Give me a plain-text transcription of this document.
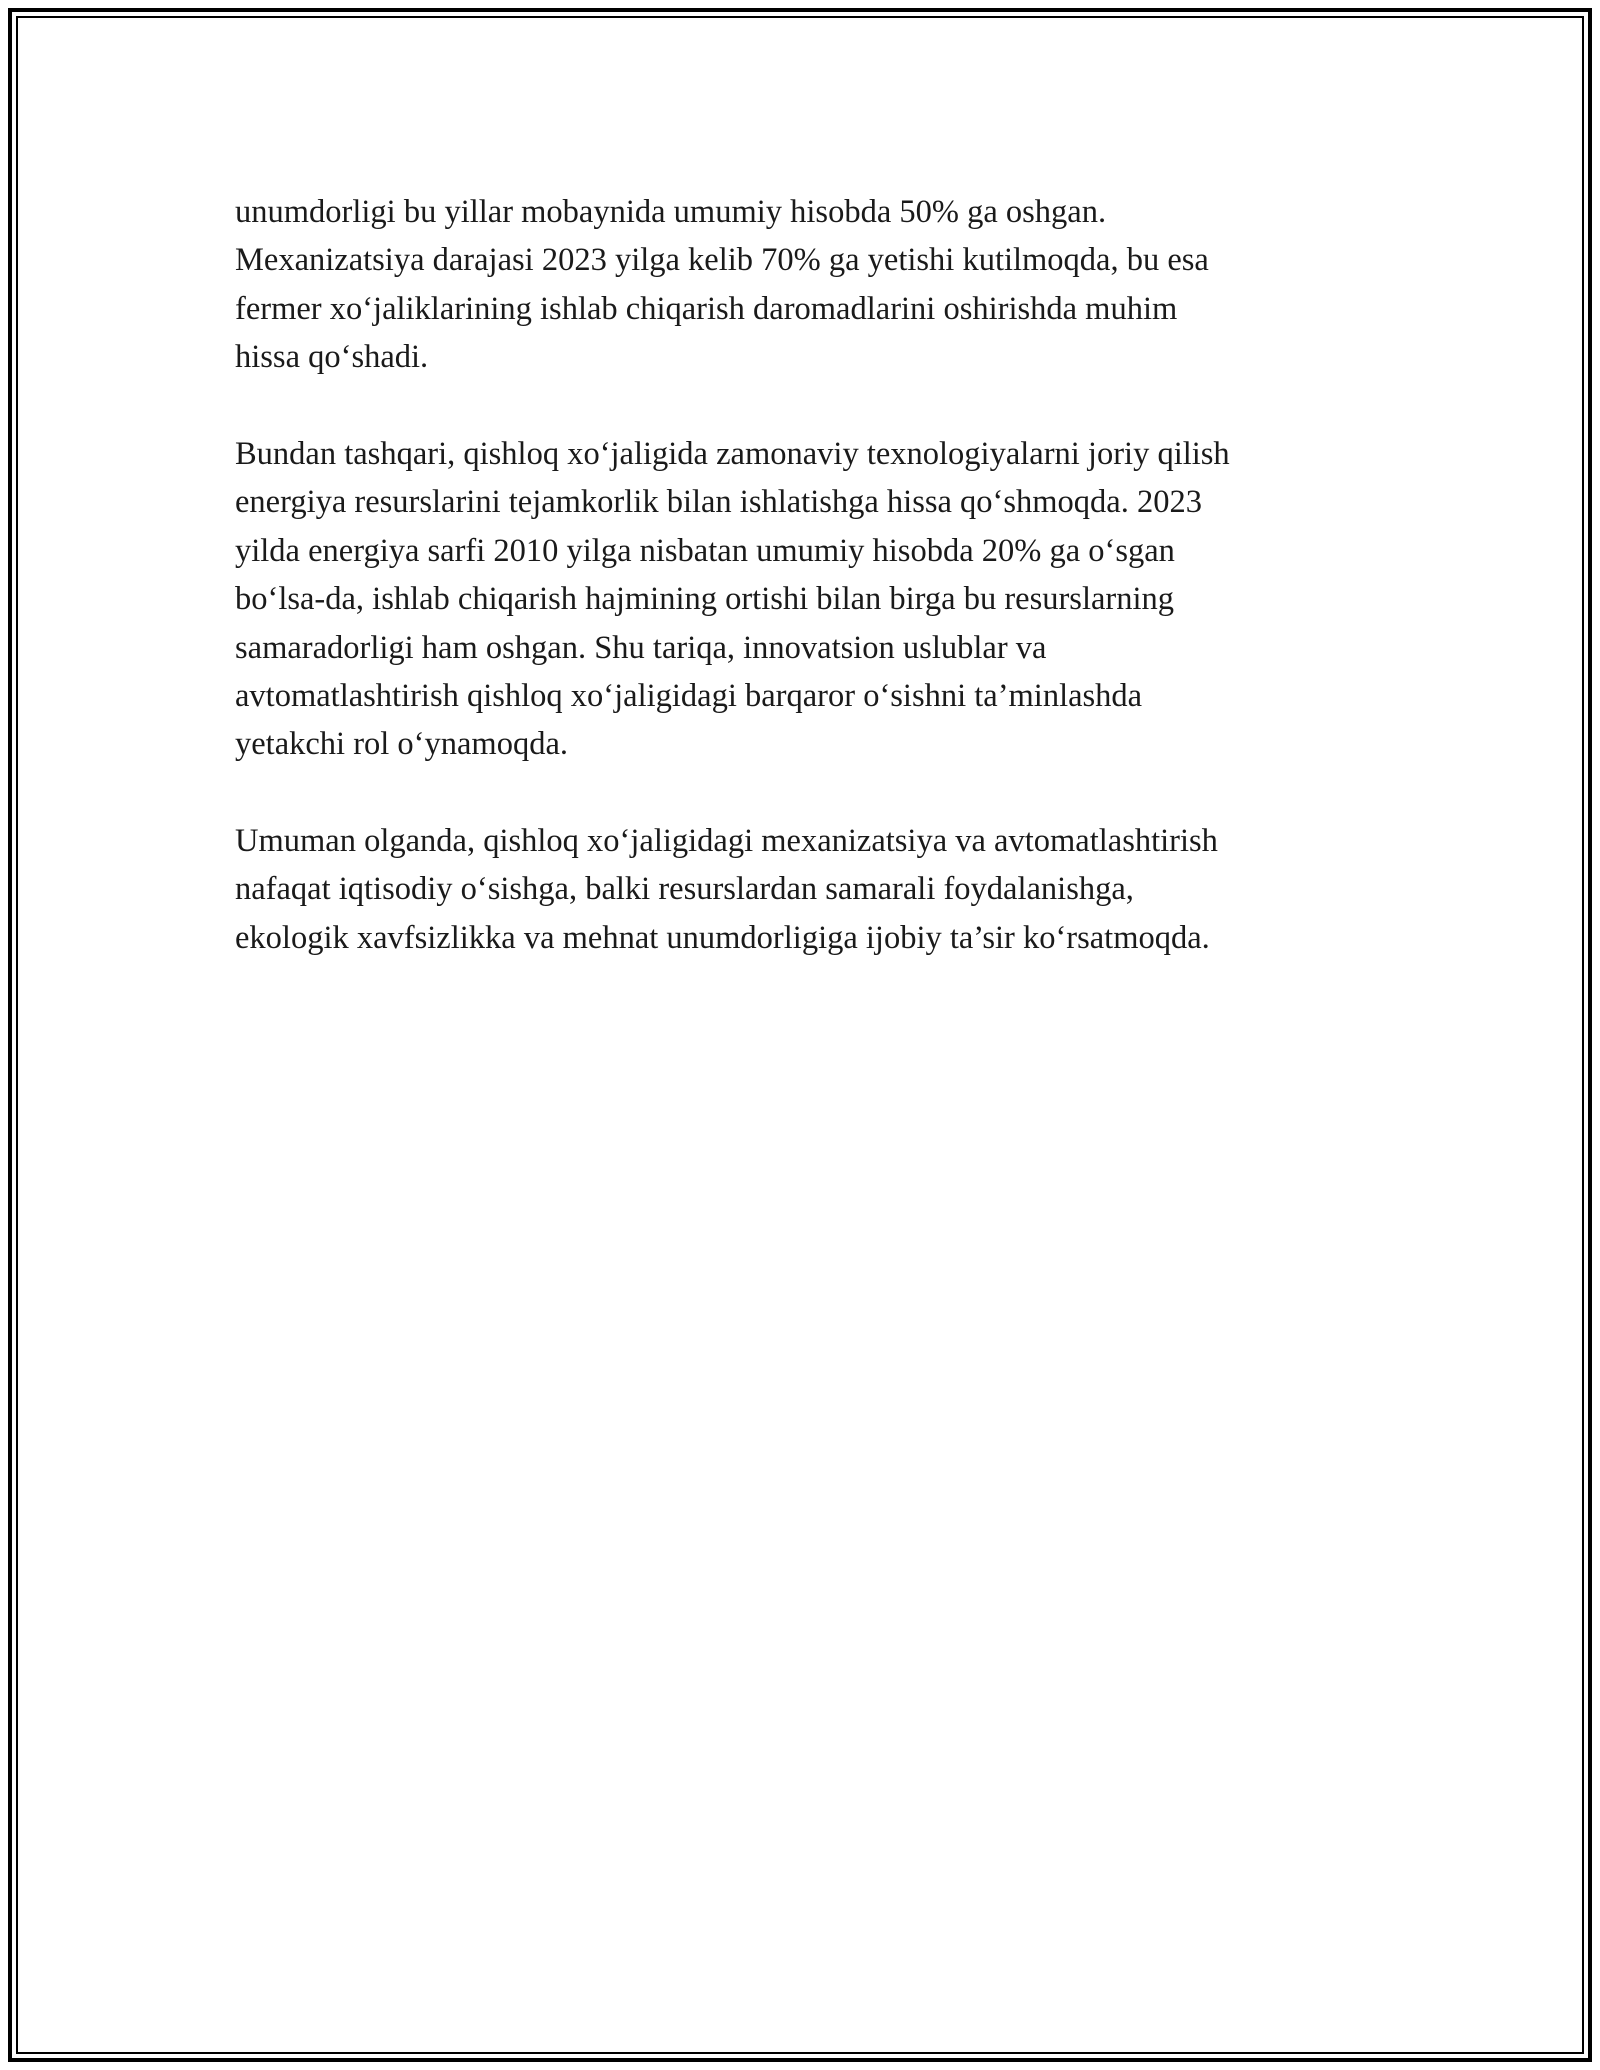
unumdorligi bu yillar mobaynida umumiy hisobda 50% ga oshgan.
Mexanizatsiya darajasi 2023 yilga kelib 70% ga yetishi kutilmoqda, bu esa
fermer xo‘jaliklarining ishlab chiqarish daromadlarini oshirishda muhim
hissa qo‘shadi.
Bundan tashqari, qishloq xo‘jaligida zamonaviy texnologiyalarni joriy qilish
energiya resurslarini tejamkorlik bilan ishlatishga hissa qo‘shmoqda. 2023
yilda energiya sarfi 2010 yilga nisbatan umumiy hisobda 20% ga o‘sgan
bo‘lsa-da, ishlab chiqarish hajmining ortishi bilan birga bu resurslarning
samaradorligi ham oshgan. Shu tariqa, innovatsion uslublar va
avtomatlashtirish qishloq xo‘jaligidagi barqaror o‘sishni ta’minlashda
yetakchi rol o‘ynamoqda.
Umuman olganda, qishloq xo‘jaligidagi mexanizatsiya va avtomatlashtirish
nafaqat iqtisodiy o‘sishga, balki resurslardan samarali foydalanishga,
ekologik xavfsizlikka va mehnat unumdorligiga ijobiy ta’sir ko‘rsatmoqda.
